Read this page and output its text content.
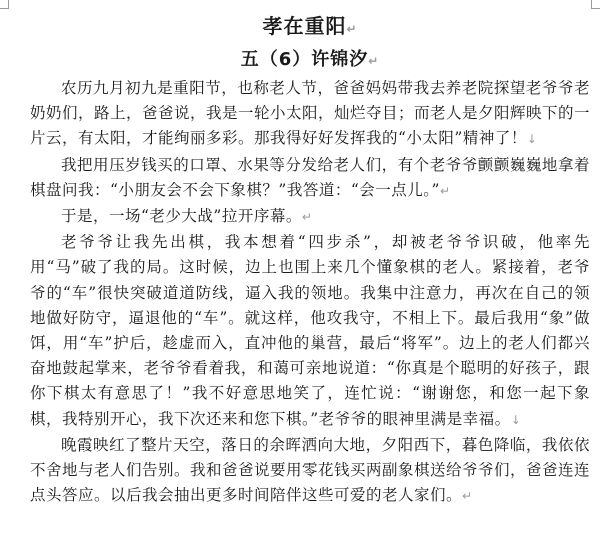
孝在重阳↵

五（6）许锦汐↵

农历九月初九是重阳节，也称老人节，爸爸妈妈带我去养老院探望老爷爷老奶奶们，路上，爸爸说，我是一轮小太阳，灿烂夺目；而老人是夕阳辉映下的一片云，有太阳，才能绚丽多彩。那我得好好发挥我的“小太阳”精神了！↓

我把用压岁钱买的口罩、水果等分发给老人们，有个老爷爷颤颤巍巍地拿着棋盘问我：“小朋友会不会下象棋？”我答道：“会一点儿。”↵

于是，一场“老少大战”拉开序幕。↵

老爷爷让我先出棋，我本想着“四步杀”，却被老爷爷识破，他率先用“马”破了我的局。这时候，边上也围上来几个懂象棋的老人。紧接着，老爷爷的“车”很快突破道道防线，逼入我的领地。我集中注意力，再次在自己的领地做好防守，逼退他的“车”。就这样，他攻我守，不相上下。最后我用“象”做饵，用“车”护后，趁虚而入，直冲他的巢营，最后“将军”。边上的老人们都兴奋地鼓起掌来，老爷爷看着我，和蔼可亲地说道：“你真是个聪明的好孩子，跟你下棋太有意思了！”我不好意思地笑了，连忙说：“谢谢您，和您一起下象棋，我特别开心，我下次还来和您下棋。”老爷爷的眼神里满是幸福。↓

晚霞映红了整片天空，落日的余晖洒向大地，夕阳西下，暮色降临，我依依不舍地与老人们告别。我和爸爸说要用零花钱买两副象棋送给爷爷们，爸爸连连点头答应。以后我会抽出更多时间陪伴这些可爱的老人家们。↵
